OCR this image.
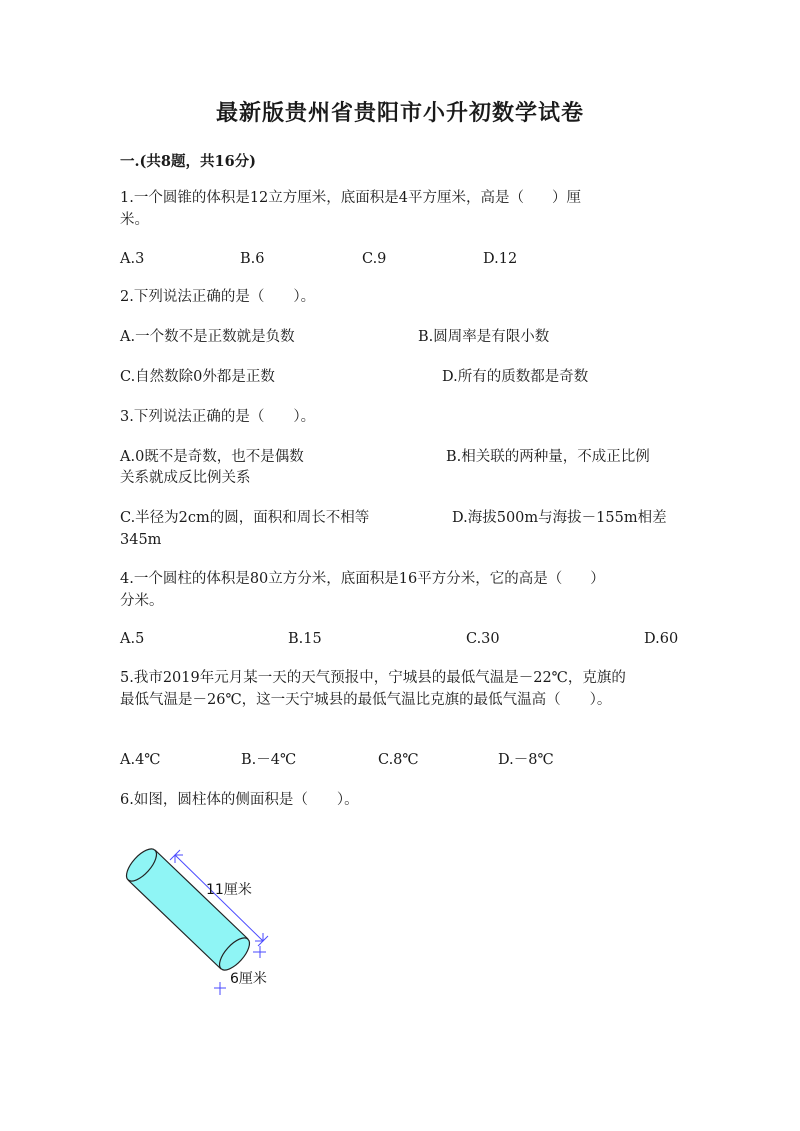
最新版贵州省贵阳市小升初数学试卷
一.(共8题，共16分)
1.一个圆锥的体积是12立方厘米，底面积是4平方厘米，高是（ ）厘
米。
A.3	B.6	C.9	D.12
2.下列说法正确的是（　　）。
A.一个数不是正数就是负数	B.圆周率是有限小数
C.自然数除0外都是正数	D.所有的质数都是奇数
3.下列说法正确的是（　　）。
A.0既不是奇数，也不是偶数	B.相关联的两种量，不成正比例
关系就成反比例关系
C.半径为2cm的圆，面积和周长不相等	D.海拔500m与海拔－155m相差
345m
4.一个圆柱的体积是80立方分米，底面积是16平方分米，它的高是（ ）
分米。
A.5	B.15	C.30	D.60
5.我市2019年元月某一天的天气预报中，宁城县的最低气温是－22℃，克旗的
最低气温是－26℃，这一天宁城县的最低气温比克旗的最低气温高（　　）。
A.4℃	B.－4℃	C.8℃	D.－8℃
6.如图，圆柱体的侧面积是（　　）。
11厘米
6厘米
